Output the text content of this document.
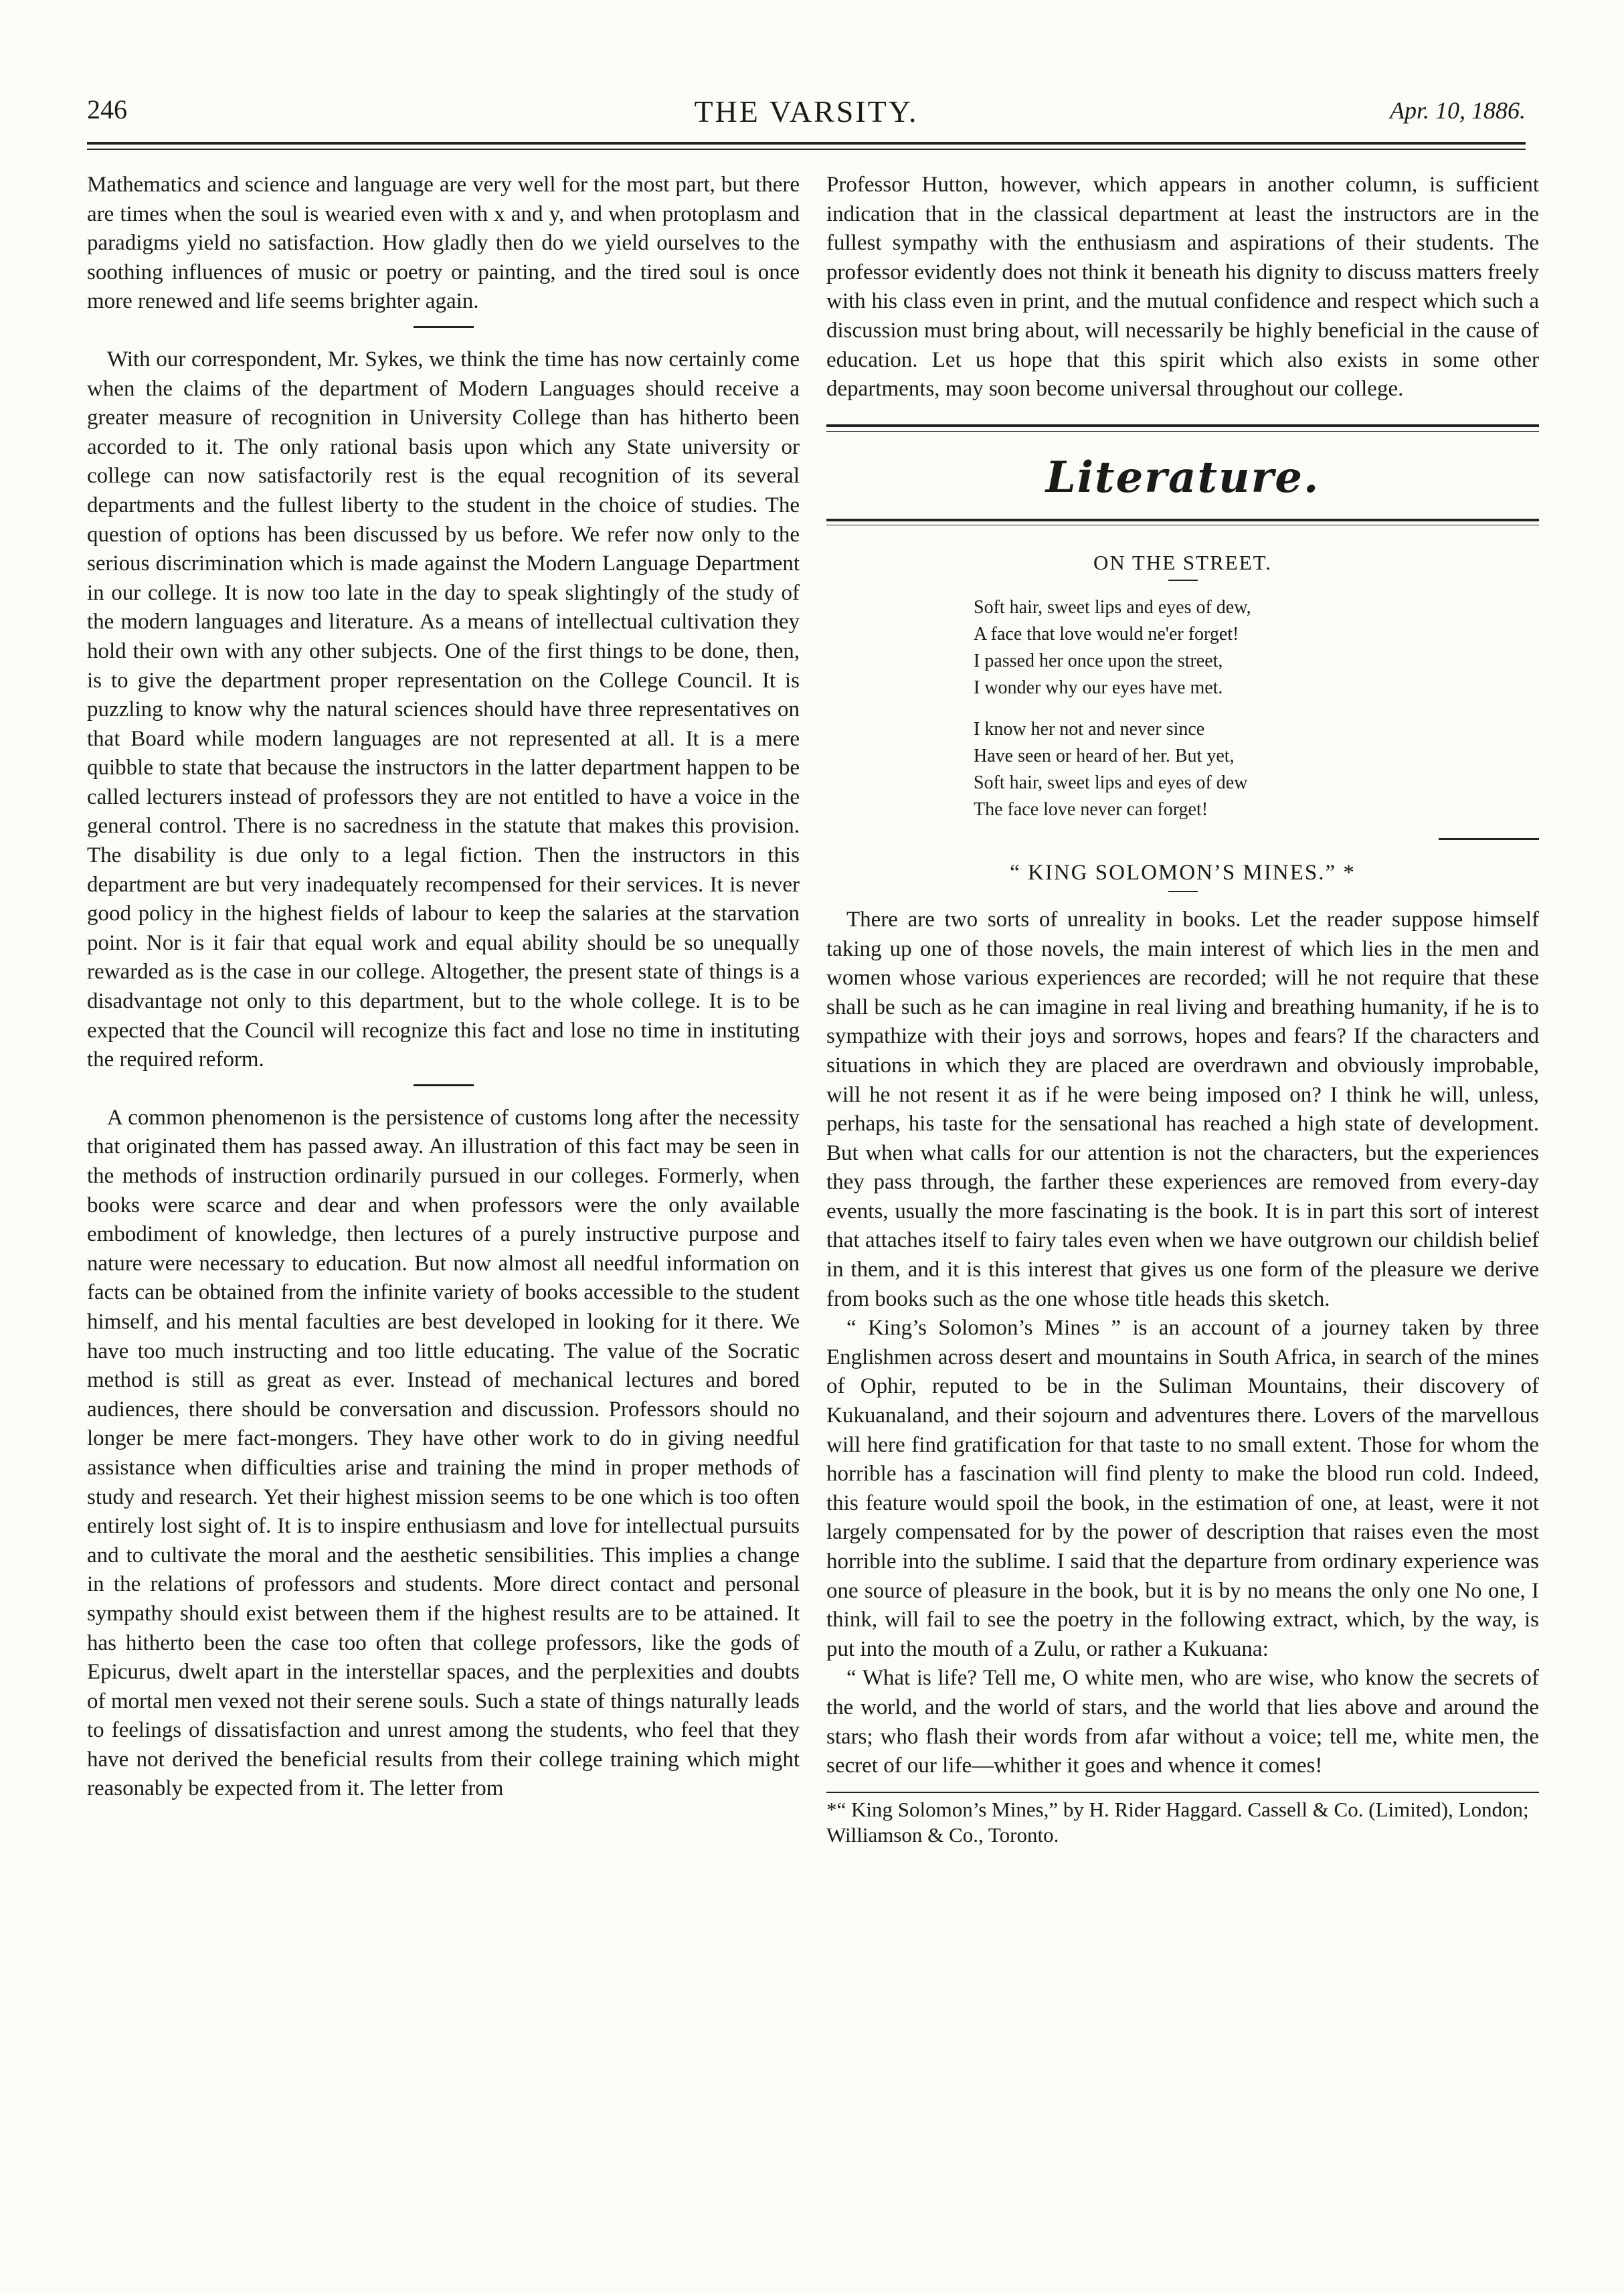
246	THE VARSITY.	Apr. 10, 1886.

Mathematics and science and language are very well for the most part, but there are times when the soul is wearied even with x and y, and when protoplasm and paradigms yield no satisfaction. How gladly then do we yield ourselves to the soothing influences of music or poetry or painting, and the tired soul is once more renewed and life seems brighter again.

With our correspondent, Mr. Sykes, we think the time has now certainly come when the claims of the department of Modern Languages should receive a greater measure of recognition in University College than has hitherto been accorded to it. The only rational basis upon which any State university or college can now satisfactorily rest is the equal recognition of its several departments and the fullest liberty to the student in the choice of studies. The question of options has been discussed by us before. We refer now only to the serious discrimination which is made against the Modern Language Department in our college. It is now too late in the day to speak slightingly of the study of the modern languages and literature. As a means of intellectual cultivation they hold their own with any other subjects. One of the first things to be done, then, is to give the department proper representation on the College Council. It is puzzling to know why the natural sciences should have three representatives on that Board while modern languages are not represented at all. It is a mere quibble to state that because the instructors in the latter department happen to be called lecturers instead of professors they are not entitled to have a voice in the general control. There is no sacredness in the statute that makes this provision. The disability is due only to a legal fiction. Then the instructors in this department are but very inadequately recompensed for their services. It is never good policy in the highest fields of labour to keep the salaries at the starvation point. Nor is it fair that equal work and equal ability should be so unequally rewarded as is the case in our college. Altogether, the present state of things is a disadvantage not only to this department, but to the whole college. It is to be expected that the Council will recognize this fact and lose no time in instituting the required reform.

A common phenomenon is the persistence of customs long after the necessity that originated them has passed away. An illustration of this fact may be seen in the methods of instruction ordinarily pursued in our colleges. Formerly, when books were scarce and dear and when professors were the only available embodiment of knowledge, then lectures of a purely instructive purpose and nature were necessary to education. But now almost all needful information on facts can be obtained from the infinite variety of books accessible to the student himself, and his mental faculties are best developed in looking for it there. We have too much instructing and too little educating. The value of the Socratic method is still as great as ever. Instead of mechanical lectures and bored audiences, there should be conversation and discussion. Professors should no longer be mere fact-mongers. They have other work to do in giving needful assistance when difficulties arise and training the mind in proper methods of study and research. Yet their highest mission seems to be one which is too often entirely lost sight of. It is to inspire enthusiasm and love for intellectual pursuits and to cultivate the moral and the aesthetic sensibilities. This implies a change in the relations of professors and students. More direct contact and personal sympathy should exist between them if the highest results are to be attained. It has hitherto been the case too often that college professors, like the gods of Epicurus, dwelt apart in the interstellar spaces, and the perplexities and doubts of mortal men vexed not their serene souls. Such a state of things naturally leads to feelings of dissatisfaction and unrest among the students, who feel that they have not derived the beneficial results from their college training which might reasonably be expected from it. The letter from

Professor Hutton, however, which appears in another column, is sufficient indication that in the classical department at least the instructors are in the fullest sympathy with the enthusiasm and aspirations of their students. The professor evidently does not think it beneath his dignity to discuss matters freely with his class even in print, and the mutual confidence and respect which such a discussion must bring about, will necessarily be highly beneficial in the cause of education. Let us hope that this spirit which also exists in some other departments, may soon become universal throughout our college.

Literature.

ON THE STREET.

Soft hair, sweet lips and eyes of dew,
A face that love would ne'er forget!
I passed her once upon the street,
I wonder why our eyes have met.
I know her not and never since
Have seen or heard of her. But yet,
Soft hair, sweet lips and eyes of dew
The face love never can forget!

“ KING SOLOMON’S MINES.” *

There are two sorts of unreality in books. Let the reader suppose himself taking up one of those novels, the main interest of which lies in the men and women whose various experiences are recorded; will he not require that these shall be such as he can imagine in real living and breathing humanity, if he is to sympathize with their joys and sorrows, hopes and fears? If the characters and situations in which they are placed are overdrawn and obviously improbable, will he not resent it as if he were being imposed on? I think he will, unless, perhaps, his taste for the sensational has reached a high state of development. But when what calls for our attention is not the characters, but the experiences they pass through, the farther these experiences are removed from every-day events, usually the more fascinating is the book. It is in part this sort of interest that attaches itself to fairy tales even when we have outgrown our childish belief in them, and it is this interest that gives us one form of the pleasure we derive from books such as the one whose title heads this sketch.

“ King’s Solomon’s Mines ” is an account of a journey taken by three Englishmen across desert and mountains in South Africa, in search of the mines of Ophir, reputed to be in the Suliman Mountains, their discovery of Kukuanaland, and their sojourn and adventures there. Lovers of the marvellous will here find gratification for that taste to no small extent. Those for whom the horrible has a fascination will find plenty to make the blood run cold. Indeed, this feature would spoil the book, in the estimation of one, at least, were it not largely compensated for by the power of description that raises even the most horrible into the sublime. I said that the departure from ordinary experience was one source of pleasure in the book, but it is by no means the only one No one, I think, will fail to see the poetry in the following extract, which, by the way, is put into the mouth of a Zulu, or rather a Kukuana:

“ What is life? Tell me, O white men, who are wise, who know the secrets of the world, and the world of stars, and the world that lies above and around the stars; who flash their words from afar without a voice; tell me, white men, the secret of our life—whither it goes and whence it comes!

*“ King Solomon’s Mines,” by H. Rider Haggard. Cassell & Co. (Limited), London; Williamson & Co., Toronto.
